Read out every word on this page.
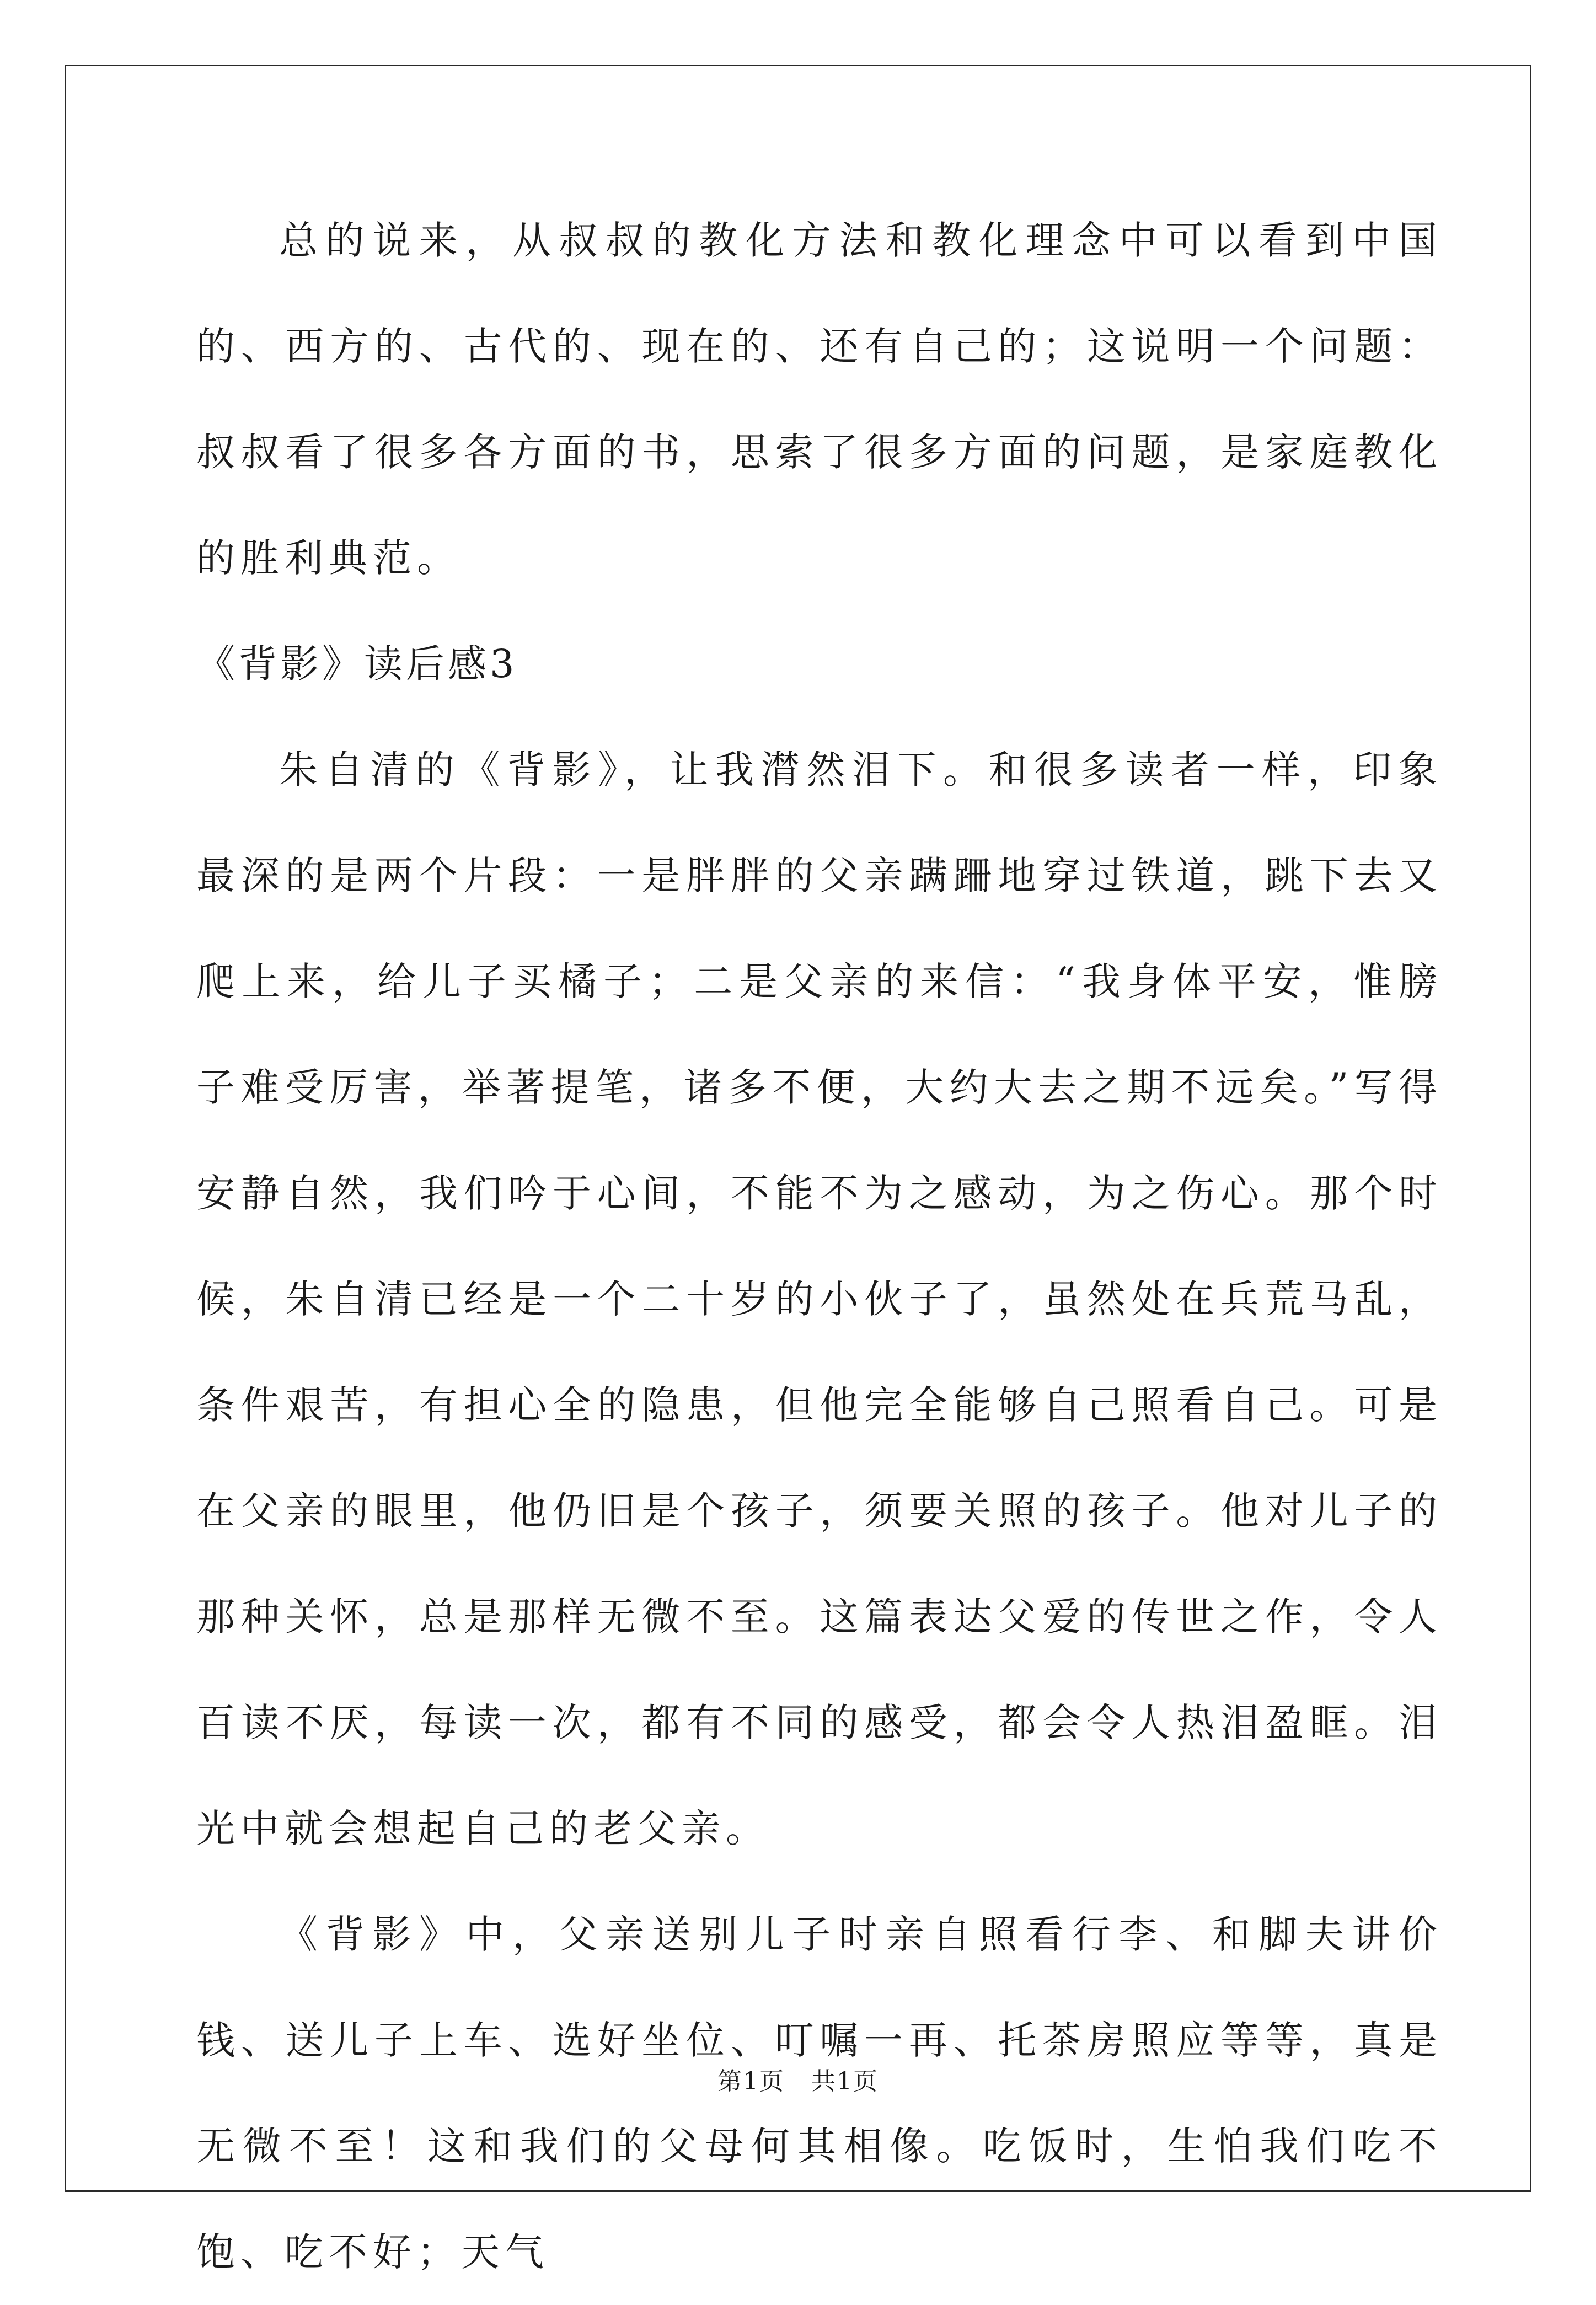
总的说来，从叔叔的教化方法和教化理念中可以看到中国的、西方的、古代的、现在的、还有自己的；这说明一个问题：叔叔看了很多各方面的书，思索了很多方面的问题，是家庭教化的胜利典范。

《背影》读后感3

朱自清的《背影》，让我潸然泪下。和很多读者一样，印象最深的是两个片段：一是胖胖的父亲蹒跚地穿过铁道，跳下去又爬上来，给儿子买橘子；二是父亲的来信：“我身体平安，惟膀子难受厉害，举著提笔，诸多不便，大约大去之期不远矣。”写得安静自然，我们吟于心间，不能不为之感动，为之伤心。那个时候，朱自清已经是一个二十岁的小伙子了，虽然处在兵荒马乱，条件艰苦，有担心全的隐患，但他完全能够自己照看自己。可是在父亲的眼里，他仍旧是个孩子，须要关照的孩子。他对儿子的那种关怀，总是那样无微不至。这篇表达父爱的传世之作，令人百读不厌，每读一次，都有不同的感受，都会令人热泪盈眶。泪光中就会想起自己的老父亲。

《背影》中，父亲送别儿子时亲自照看行李、和脚夫讲价钱、送儿子上车、选好坐位、叮嘱一再、托茶房照应等等，真是无微不至！这和我们的父母何其相像。吃饭时，生怕我们吃不饱、吃不好；天气

第1页 共1页
